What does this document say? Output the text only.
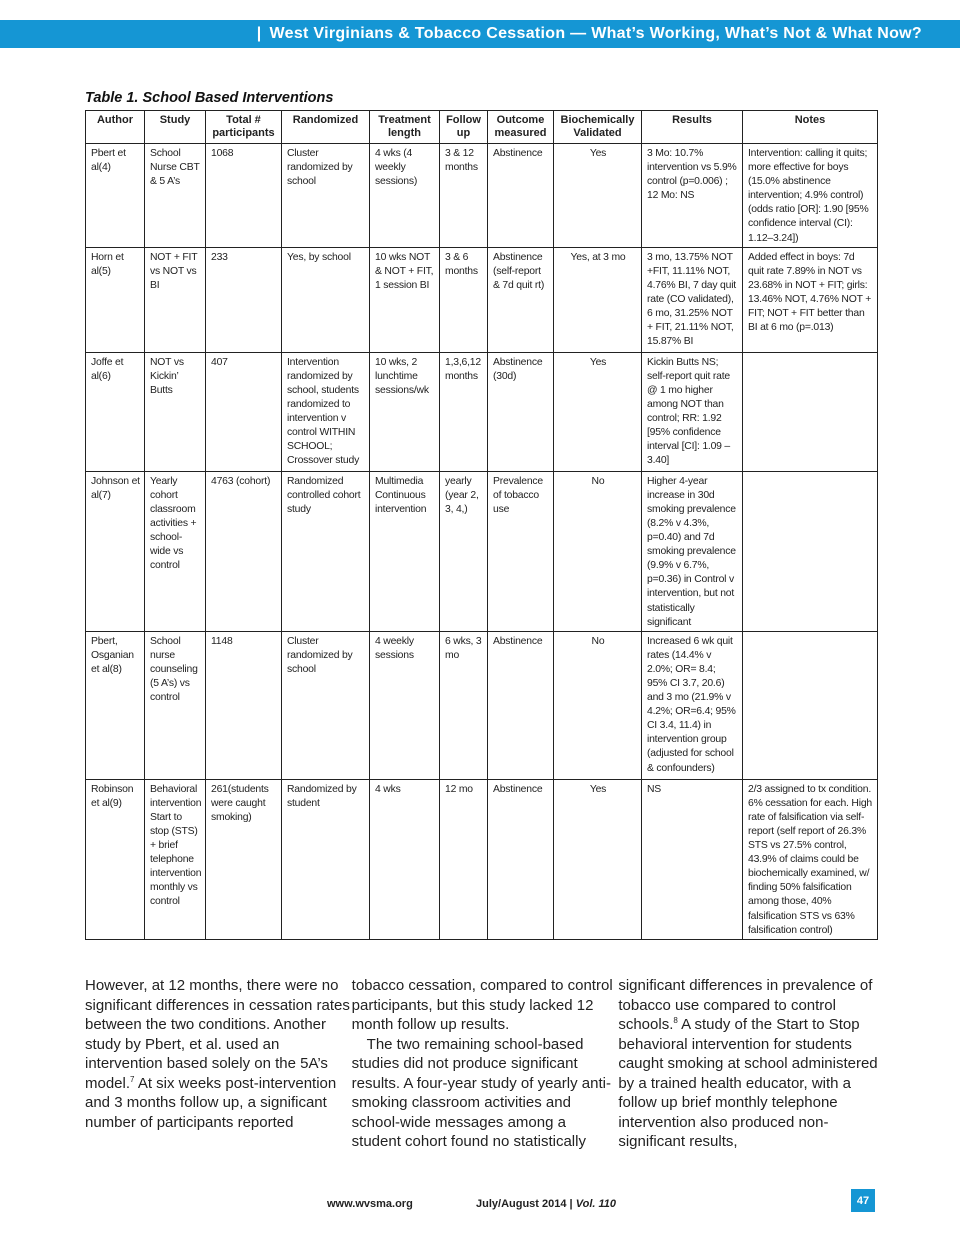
| West Virginians & Tobacco Cessation — What’s Working, What’s Not & What Now?
Table 1. School Based Interventions
Author	Study	Total # participants	Randomized	Treatment length	Follow up	Outcome measured	Biochemically Validated	Results	Notes
Pbert et al(4)	School Nurse CBT & 5 A’s	1068	Cluster randomized by school	4 wks (4 weekly sessions)	3 & 12 months	Abstinence	Yes	3 Mo: 10.7% intervention vs 5.9% control (p=0.006) ; 12 Mo: NS	Intervention: calling it quits; more effective for boys (15.0% abstinence intervention; 4.9% control) (odds ratio [OR]: 1.90 [95% confidence interval (CI): 1.12–3.24])
Horn et al(5)	NOT + FIT vs NOT vs BI	233	Yes, by school	10 wks NOT & NOT + FIT, 1 session BI	3 & 6 months	Abstinence (self-report & 7d quit rt)	Yes, at 3 mo	3 mo, 13.75% NOT +FIT, 11.11% NOT, 4.76% BI, 7 day quit rate (CO validated), 6 mo, 31.25% NOT + FIT, 21.11% NOT, 15.87% BI	Added effect in boys: 7d quit rate 7.89% in NOT vs 23.68% in NOT + FIT; girls: 13.46% NOT, 4.76% NOT + FIT; NOT + FIT better than BI at 6 mo (p=.013)
Joffe et al(6)	NOT vs Kickin’ Butts	407	Intervention randomized by school, students randomized to intervention v control WITHIN SCHOOL; Crossover study	10 wks, 2 lunchtime sessions/wk	1,3,6,12 months	Abstinence (30d)	Yes	Kickin Butts NS; self-report quit rate @ 1 mo higher among NOT than control; RR: 1.92 [95% confidence interval [CI]: 1.09 –3.40]	
Johnson et al(7)	Yearly cohort classroom activities + school-wide vs control	4763 (cohort)	Randomized controlled cohort study	Multimedia Continuous intervention	yearly (year 2, 3, 4,)	Prevalence of tobacco use	No	Higher 4-year increase in 30d smoking prevalence (8.2% v 4.3%, p=0.40) and 7d smoking prevalence (9.9% v 6.7%, p=0.36) in Control v intervention, but not statistically significant	
Pbert, Osganian et al(8)	School nurse counseling (5 A’s) vs control	1148	Cluster randomized by school	4 weekly sessions	6 wks, 3 mo	Abstinence	No	Increased 6 wk quit rates (14.4% v 2.0%; OR= 8.4; 95% CI 3.7, 20.6) and 3 mo (21.9% v 4.2%; OR=6.4; 95% CI 3.4, 11.4) in intervention group (adjusted for school & confounders)	
Robinson et al(9)	Behavioral intervention Start to stop (STS) + brief telephone intervention monthly vs control	261(students were caught smoking)	Randomized by student	4 wks	12 mo	Abstinence	Yes	NS	2/3 assigned to tx condition. 6% cessation for each. High rate of falsification via self-report (self report of 26.3% STS vs 27.5% control, 43.9% of claims could be biochemically examined, w/ finding 50% falsification among those, 40% falsification STS vs 63% falsification control)

However, at 12 months, there were no significant differences in cessation rates between the two conditions. Another study by Pbert, et al. used an intervention based solely on the 5A’s model.$^7$ At six weeks post-intervention and 3 months follow up, a significant number of participants reported

tobacco cessation, compared to control participants, but this study lacked 12 month follow up results.

The two remaining school-based studies did not produce significant results. A four-year study of yearly anti-smoking classroom activities and school-wide messages among a student cohort found no statistically

significant differences in prevalence of tobacco use compared to control schools.$^8$ A study of the Start to Stop behavioral intervention for students caught smoking at school administered by a trained health educator, with a follow up brief monthly telephone intervention also produced non-significant results,

www.wvsma.org	July/August 2014 | Vol. 110	47
